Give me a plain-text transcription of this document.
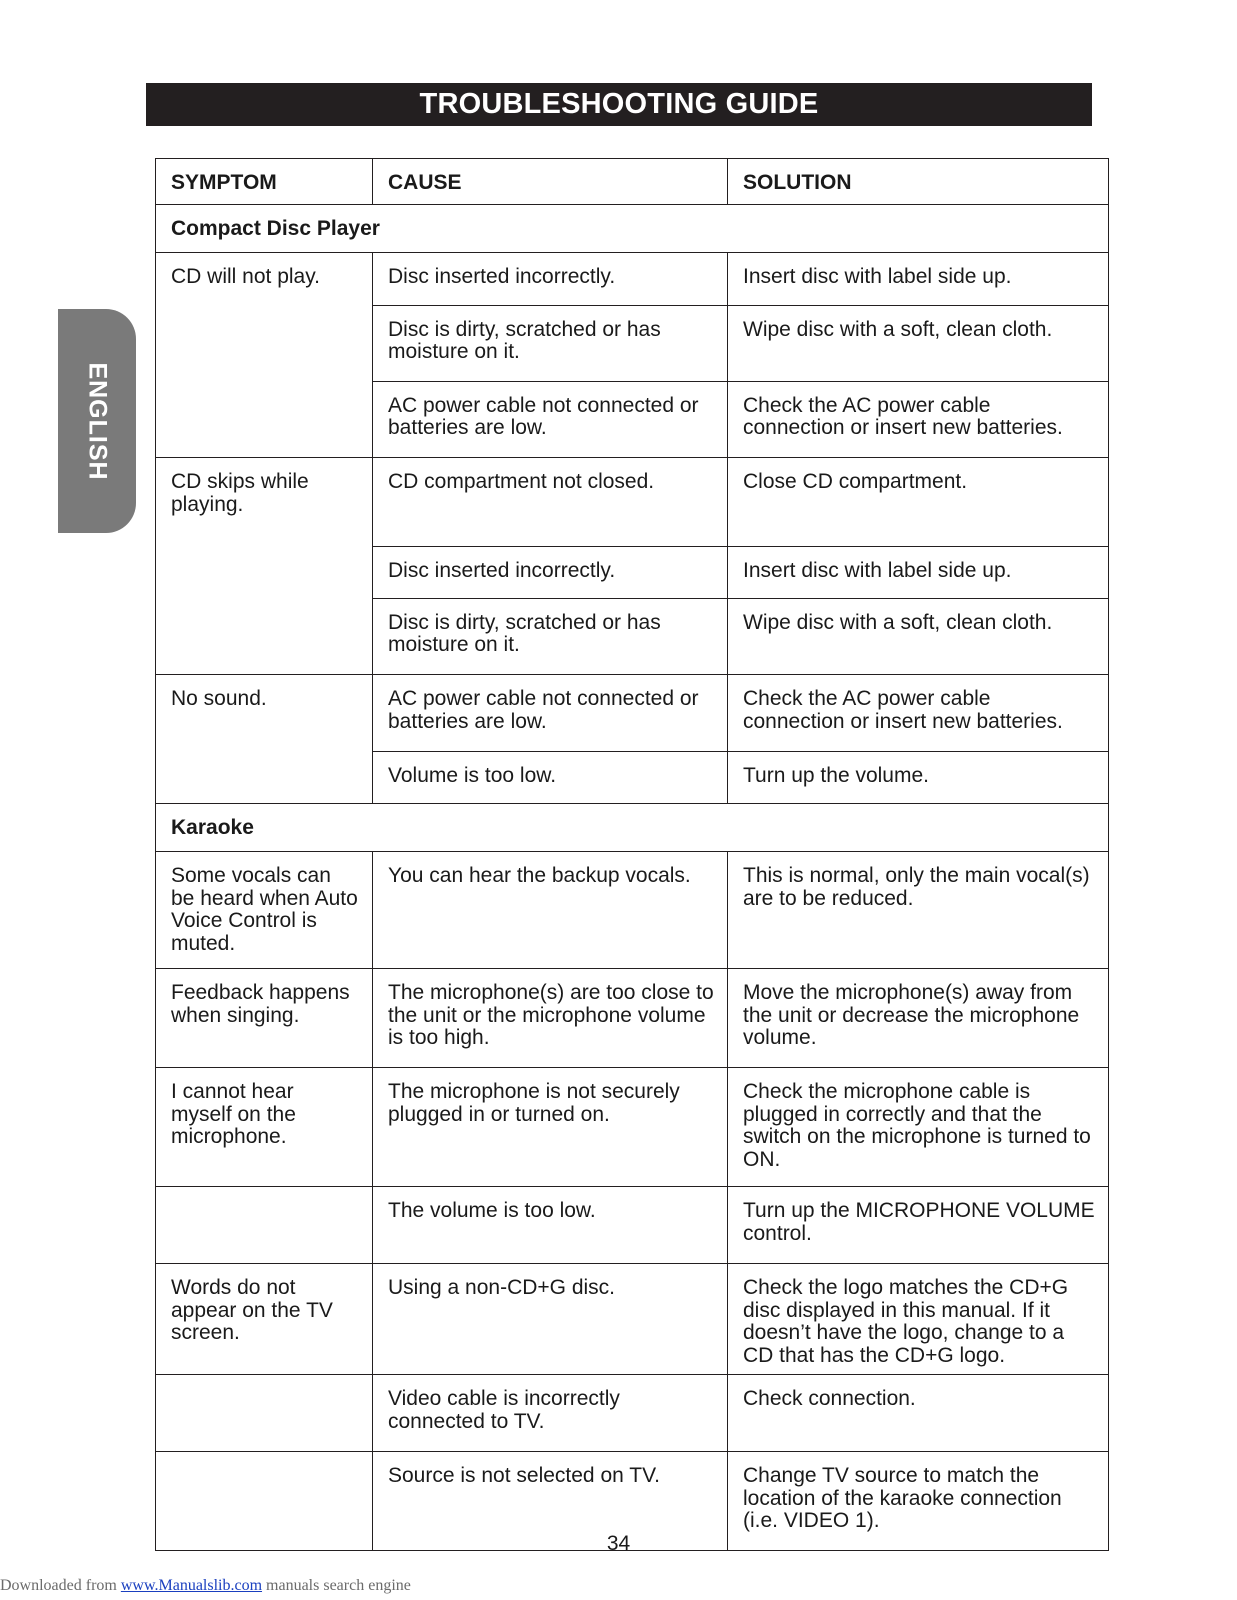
TROUBLESHOOTING GUIDE
ENGLISH
SYMPTOM	CAUSE	SOLUTION
Compact Disc Player		
CD will not play.	Disc inserted incorrectly.	Insert disc with label side up.
	Disc is dirty, scratched or has moisture on it.	Wipe disc with a soft, clean cloth.
	AC power cable not connected or batteries are low.	Check the AC power cable connection or insert new batteries.
CD skips while playing.	CD compartment not closed.	Close CD compartment.
	Disc inserted incorrectly.	Insert disc with label side up.
	Disc is dirty, scratched or has moisture on it.	Wipe disc with a soft, clean cloth.
No sound.	AC power cable not connected or batteries are low.	Check the AC power cable connection or insert new batteries.
	Volume is too low.	Turn up the volume.
Karaoke		
Some vocals can be heard when Auto Voice Control is muted.	You can hear the backup vocals.	This is normal, only the main vocal(s) are to be reduced.
Feedback happens when singing.	The microphone(s) are too close to the unit or the microphone volume is too high.	Move the microphone(s) away from the unit or decrease the microphone volume.
I cannot hear myself on the microphone.	The microphone is not securely plugged in or turned on.	Check the microphone cable is plugged in correctly and that the switch on the microphone is turned to ON.
	The volume is too low.	Turn up the MICROPHONE VOLUME control.
Words do not appear on the TV screen.	Using a non-CD+G disc.	Check the logo matches the CD+G disc displayed in this manual. If it doesn’t have the logo, change to a CD that has the CD+G logo.
	Video cable is incorrectly connected to TV.	Check connection.
	Source is not selected on TV.	Change TV source to match the location of the karaoke connection (i.e. VIDEO 1).
34
Downloaded from www.Manualslib.com manuals search engine
